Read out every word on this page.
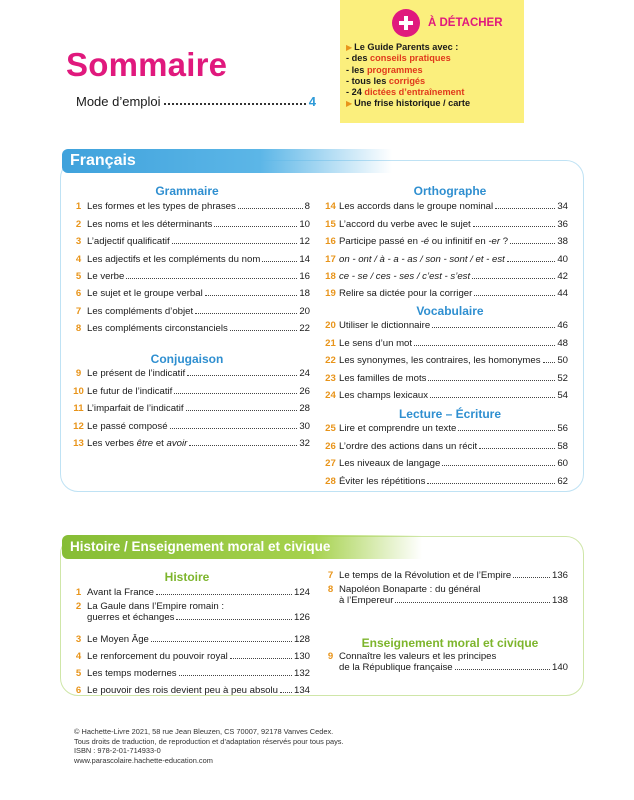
Sommaire
Mode d’emploi	4
À DÉTACHER
▶ Le Guide Parents avec :
- des conseils pratiques
- les programmes
- tous les corrigés
- 24 dictées d’entraînement
▶ Une frise historique / carte
Français
Grammaire
1 Les formes et les types de phrases	8
2 Les noms et les déterminants	10
3 L’adjectif qualificatif	12
4 Les adjectifs et les compléments du nom	14
5 Le verbe	16
6 Le sujet et le groupe verbal	18
7 Les compléments d’objet	20
8 Les compléments circonstanciels	22
Conjugaison
9 Le présent de l’indicatif	24
10 Le futur de l’indicatif	26
11 L’imparfait de l’indicatif	28
12 Le passé composé	30
13 Les verbes être et avoir	32
Orthographe
14 Les accords dans le groupe nominal	34
15 L’accord du verbe avec le sujet	36
16 Participe passé en -é ou infinitif en -er ?	38
17 on - ont / à - a - as / son - sont / et - est	40
18 ce - se / ces - ses / c’est - s’est	42
19 Relire sa dictée pour la corriger	44
Vocabulaire
20 Utiliser le dictionnaire	46
21 Le sens d’un mot	48
22 Les synonymes, les contraires, les homonymes 50
23 Les familles de mots	52
24 Les champs lexicaux	54
Lecture – Écriture
25 Lire et comprendre un texte	56
26 L’ordre des actions dans un récit	58
27 Les niveaux de langage	60
28 Éviter les répétitions	62
Histoire / Enseignement moral et civique
Histoire
1 Avant la France	124
2 La Gaule dans l’Empire romain :
guerres et échanges	126
3 Le Moyen Âge	128
4 Le renforcement du pouvoir royal	130
5 Les temps modernes	132
6 Le pouvoir des rois devient peu à peu absolu 134
7 Le temps de la Révolution et de l’Empire	136
8 Napoléon Bonaparte : du général
à l’Empereur	138
Enseignement moral et civique
9 Connaître les valeurs et les principes
de la République française	140
© Hachette-Livre 2021, 58 rue Jean Bleuzen, CS 70007, 92178 Vanves Cedex.
Tous droits de traduction, de reproduction et d’adaptation réservés pour tous pays.
ISBN : 978-2-01-714933-0
www.parascolaire.hachette-education.com
